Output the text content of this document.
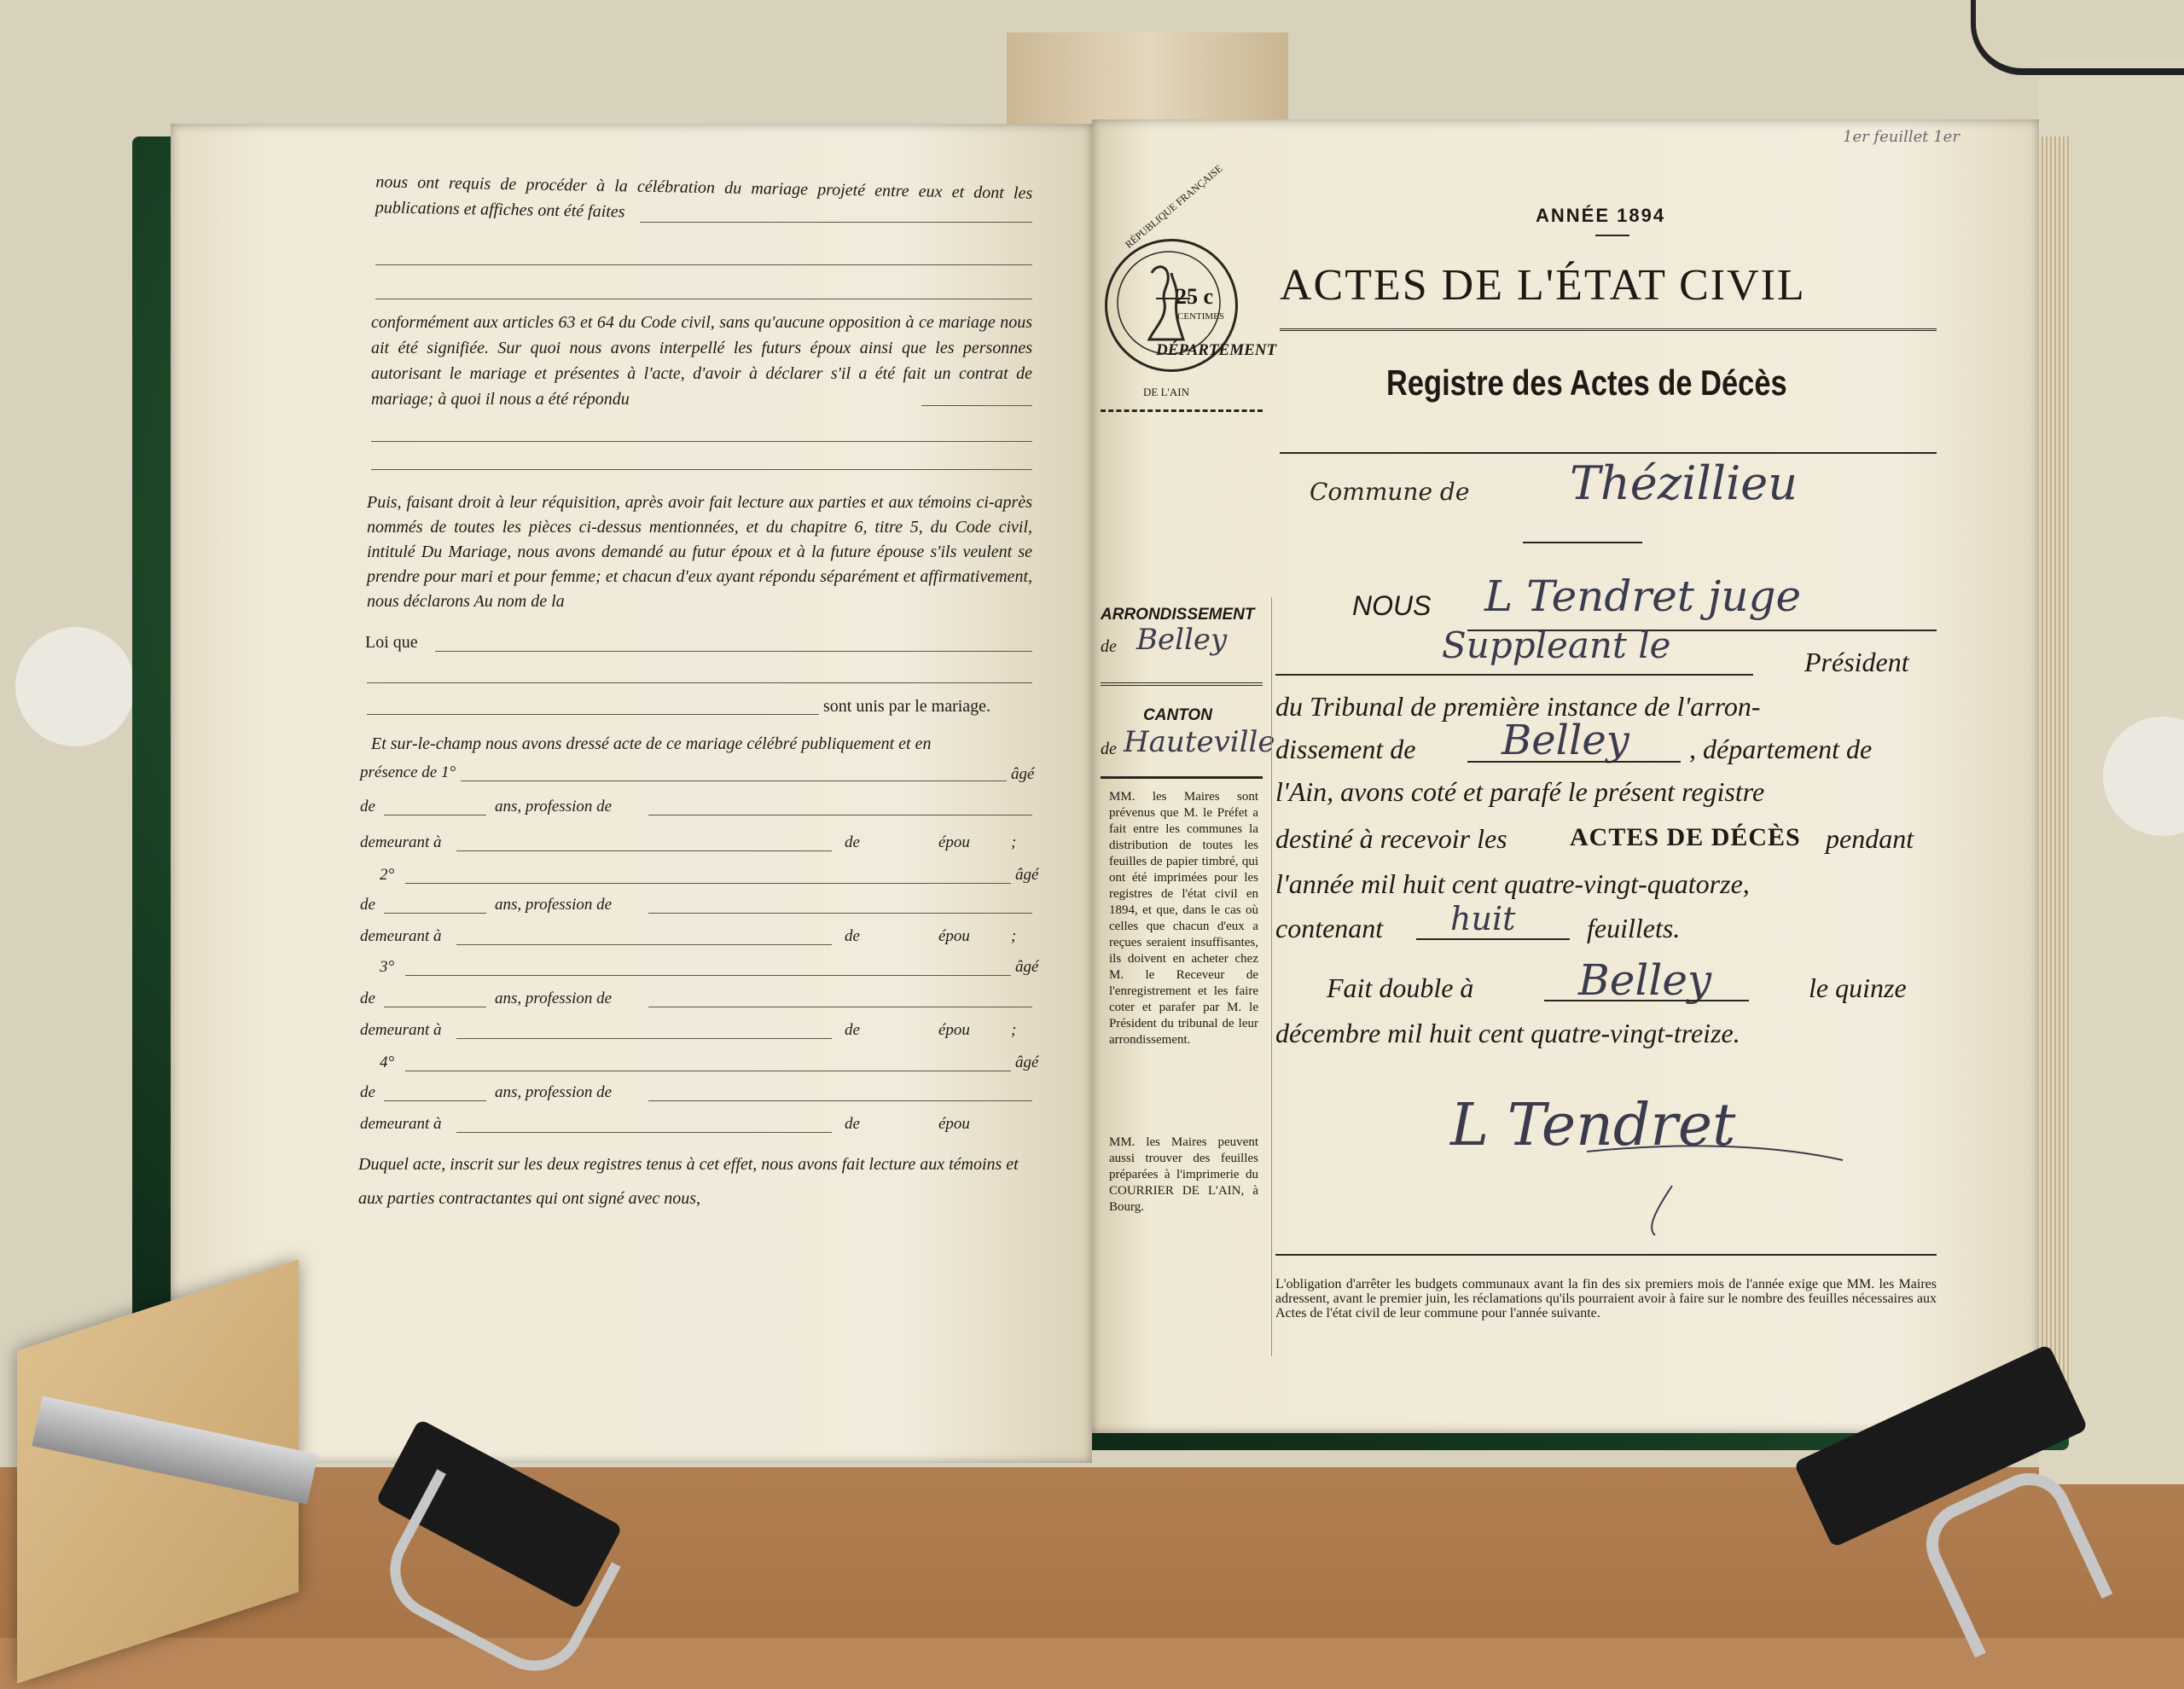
nous ont requis de procéder à la célébration du mariage projeté entre eux et dont les publications et affiches ont été faites
conformément aux articles 63 et 64 du Code civil, sans qu'aucune opposition à ce mariage nous ait été signifiée. Sur quoi nous avons interpellé les futurs époux ainsi que les personnes autorisant le mariage et présentes à l'acte, d'avoir à déclarer s'il a été fait un contrat de mariage; à quoi il nous a été répondu
Puis, faisant droit à leur réquisition, après avoir fait lecture aux parties et aux témoins ci-après nommés de toutes les pièces ci-dessus mentionnées, et du chapitre 6, titre 5, du Code civil, intitulé Du Mariage, nous avons demandé au futur époux et à la future épouse s'ils veulent se prendre pour mari et pour femme; et chacun d'eux ayant répondu séparément et affirmativement, nous déclarons Au nom de la
Loi que
sont unis par le mariage.
Et sur-le-champ nous avons dressé acte de ce mariage célébré publiquement et en
présence de 1°	âgé
de	ans, profession de
demeurant à	de	épou	;
2°	âgé
de	ans, profession de
demeurant à	de	épou	;
3°	âgé
de	ans, profession de
demeurant à	de	épou	;
4°	âgé
de	ans, profession de
demeurant à	de	épou
Duquel acte, inscrit sur les deux registres tenus à cet effet, nous avons fait lecture aux témoins et aux parties contractantes qui ont signé avec nous,
1er feuillet 1er
25 c
CENTIMES
RÉPUBLIQUE FRANÇAISE
DÉPARTEMENT
DE L'AIN
ANNÉE 1894
ACTES DE L'ÉTAT CIVIL
Registre des Actes de Décès
Commune de Thézillieu
ARRONDISSEMENT
de Belley
CANTON
de Hauteville
MM. les Maires sont prévenus que M. le Préfet a fait entre les communes la distribution de toutes les feuilles de papier timbré, qui ont été imprimées pour les registres de l'état civil en 1894, et que, dans le cas où celles que chacun d'eux a reçues seraient insuffisantes, ils doivent en acheter chez M. le Receveur de l'enregistrement et les faire coter et parafer par M. le Président du tribunal de leur arrondissement.
MM. les Maires peuvent aussi trouver des feuilles préparées à l'imprimerie du COURRIER DE L'AIN, à Bourg.
NOUS L Tendret juge
Suppleant le	Président
du Tribunal de première instance de l'arron-
dissement de Belley , département de
l'Ain, avons coté et parafé le présent registre
destiné à recevoir les ACTES DE DÉCÈS pendant
l'année mil huit cent quatre-vingt-quatorze,
contenant huit	feuillets.
Fait double à Belley	le quinze
décembre mil huit cent quatre-vingt-treize.
L Tendret
L'obligation d'arrêter les budgets communaux avant la fin des six premiers mois de l'année exige que MM. les Maires adressent, avant le premier juin, les réclamations qu'ils pourraient avoir à faire sur le nombre des feuilles nécessaires aux Actes de l'état civil de leur commune pour l'année suivante.
